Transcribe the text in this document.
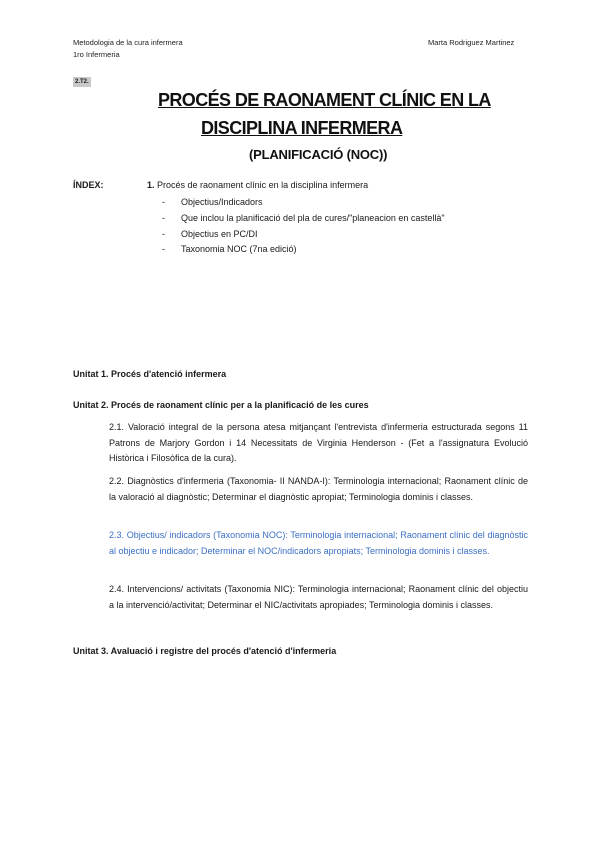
Metodologia de la cura infermera
1ro Infermeria
Marta Rodriguez Martinez
2.T2.
PROCÉS DE RAONAMENT CLÍNIC EN LA
DISCIPLINA INFERMERA
(PLANIFICACIÓ (NOC))
ÍNDEX:	1. Procés de raonament clínic en la disciplina infermera
- Objectius/Indicadors
- Que inclou la planificació del pla de cures/"planeacion en castellà"
- Objectius en PC/DI
- Taxonomia NOC (7na edició)
Unitat 1. Procés d'atenció infermera
Unitat 2. Procés de raonament clínic per a la planificació de les cures
2.1. Valoració integral de la persona atesa mitjançant l'entrevista d'infermeria estructurada segons 11 Patrons de Marjory Gordon i 14 Necessitats de Virginia Henderson - (Fet a l'assignatura Evolució Històrica i Filosòfica de la cura).
2.2. Diagnòstics d'infermeria (Taxonomia- II NANDA-I): Terminologia internacional; Raonament clínic de la valoració al diagnòstic; Determinar el diagnòstic apropiat; Terminologia dominis i classes.
2.3. Objectius/ indicadors (Taxonomia NOC): Terminologia internacional; Raonament clínic del diagnòstic al objectiu e indicador; Determinar el NOC/indicadors apropiats; Terminologia dominis i classes.
2.4. Intervencions/ activitats (Taxonomia NIC): Terminologia internacional; Raonament clínic del objectiu a la intervenció/activitat; Determinar el NIC/activitats apropiades; Terminologia dominis i classes.
Unitat 3. Avaluació i registre del procés d'atenció d'infermeria
